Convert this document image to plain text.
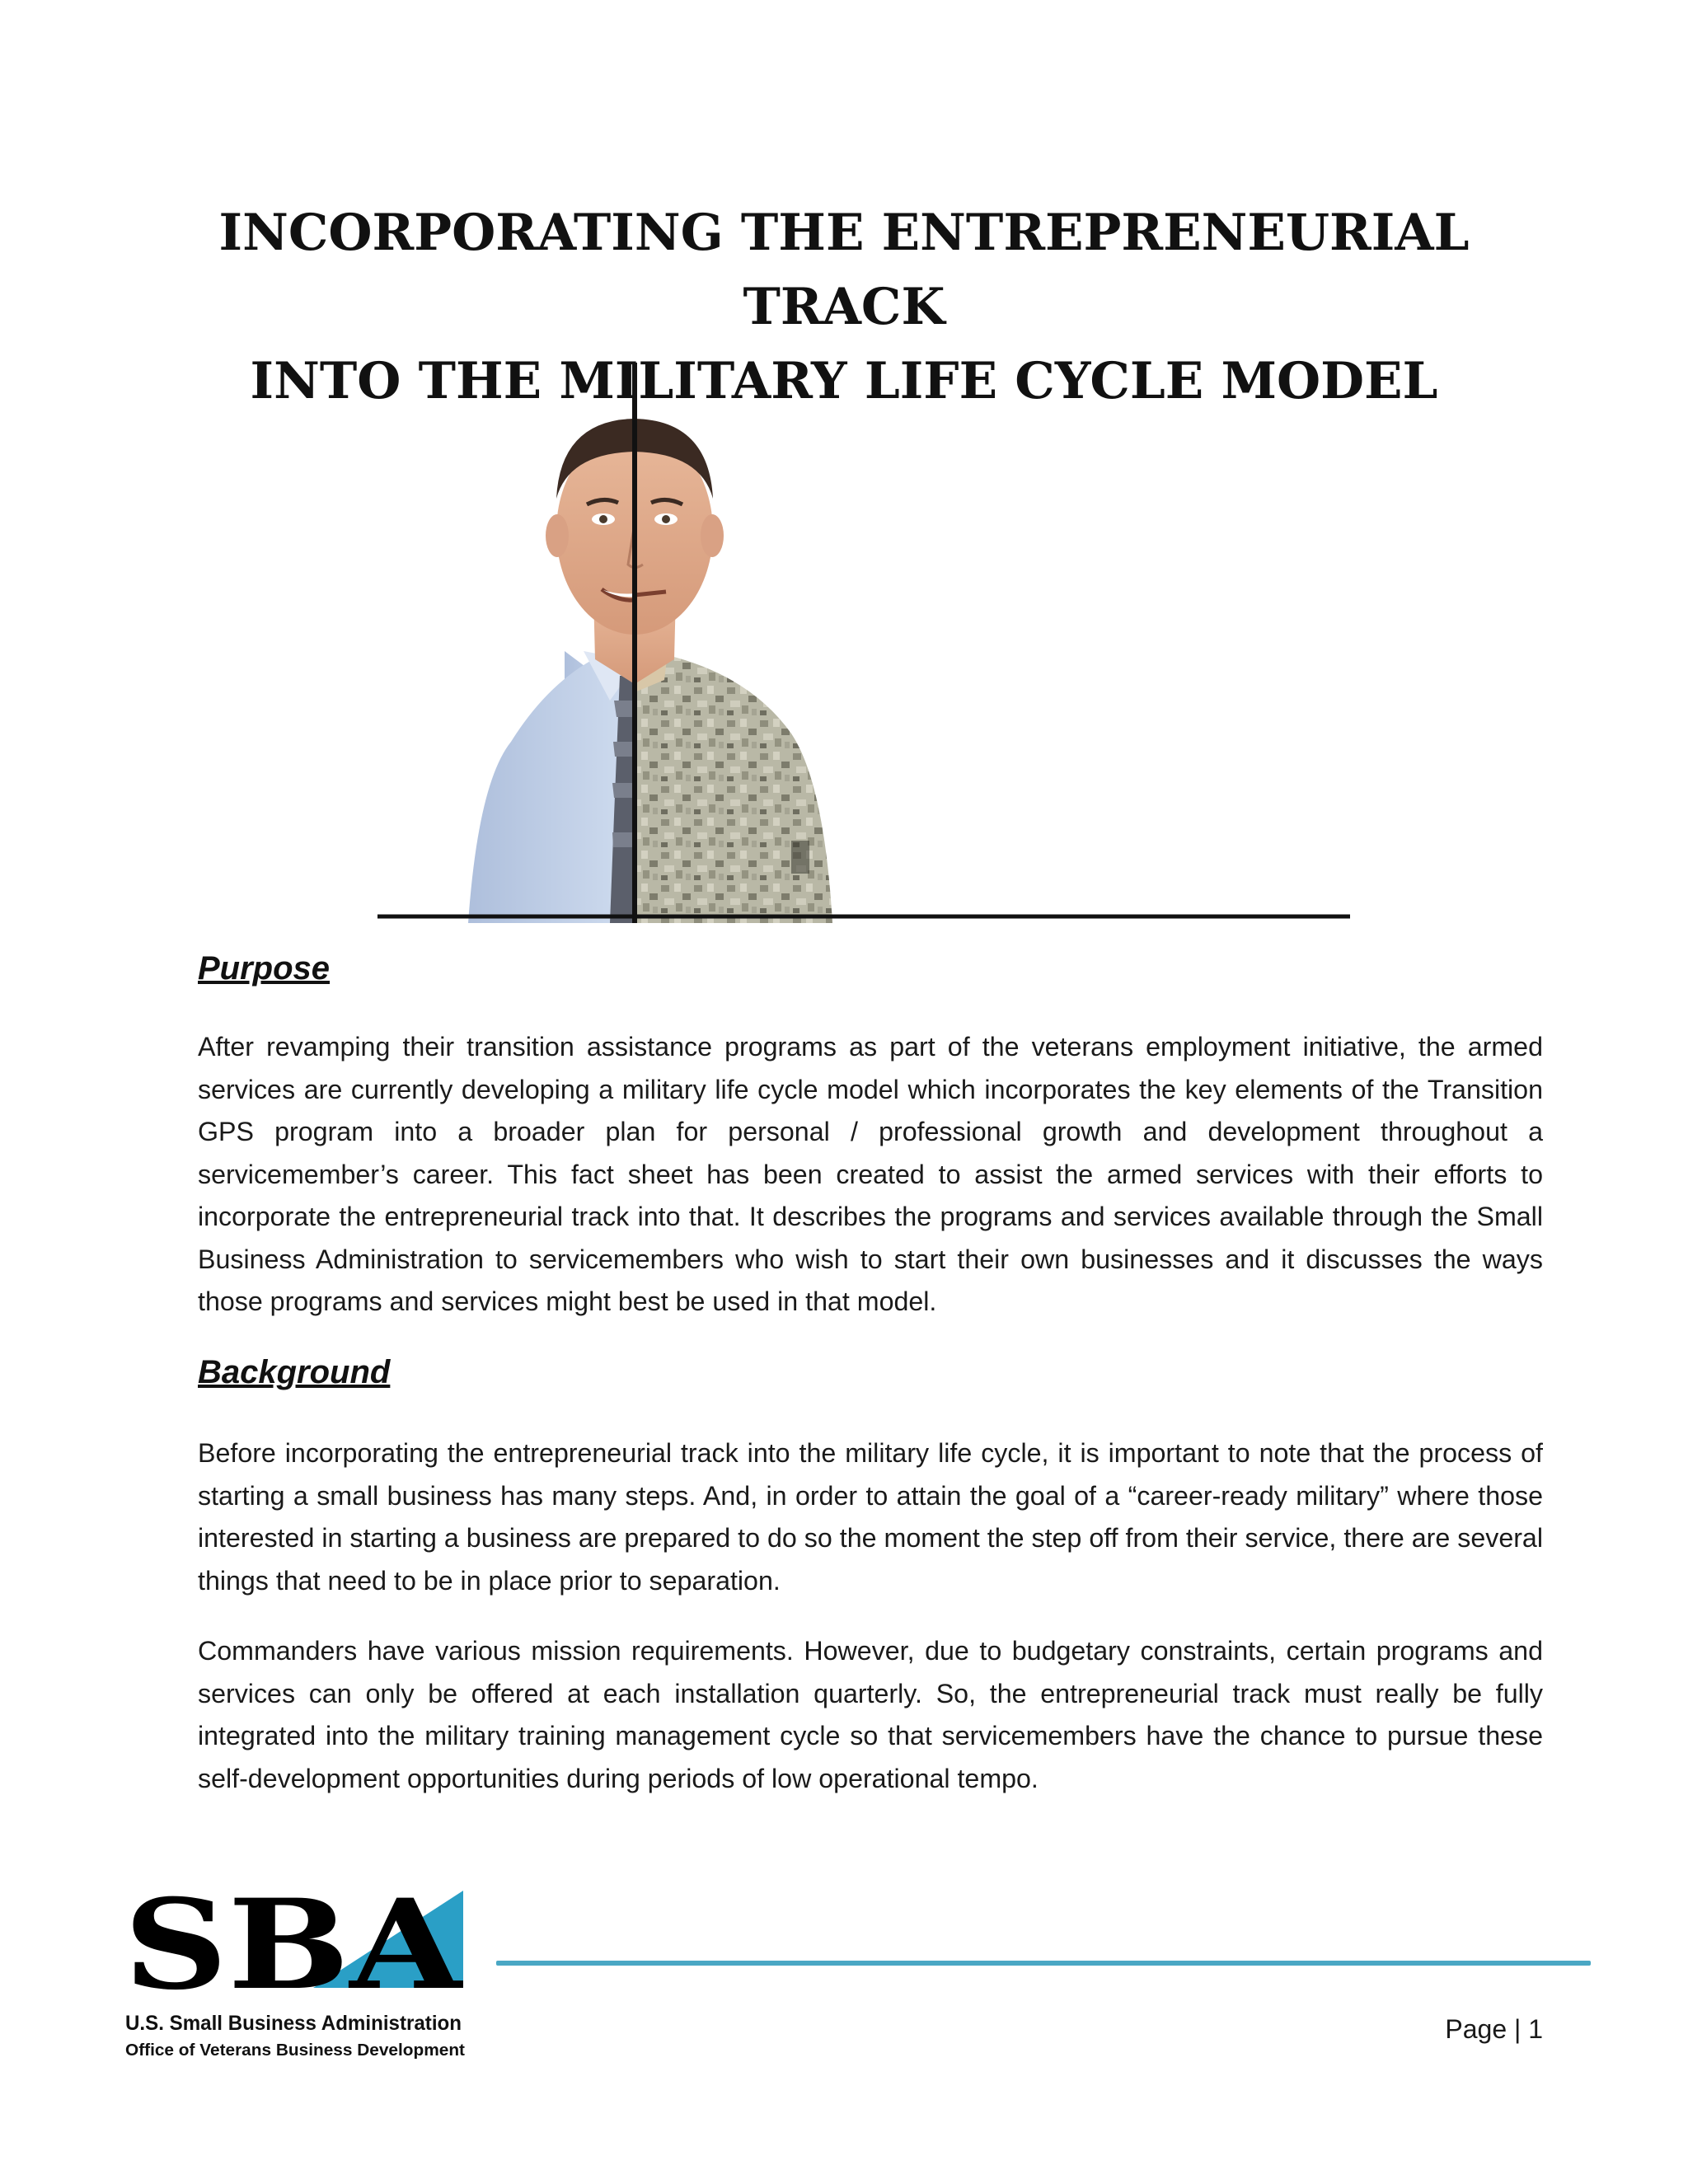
INCORPORATING THE ENTREPRENEURIAL TRACK
INTO THE MILITARY LIFE CYCLE MODEL
Purpose

After revamping their transition assistance programs as part of the veterans employment initiative, the armed services are currently developing a military life cycle model which incorporates the key elements of the Transition GPS program into a broader plan for personal / professional growth and development throughout a servicemember’s career. This fact sheet has been created to assist the armed services with their efforts to incorporate the entrepreneurial track into that. It describes the programs and services available through the Small Business Administration to servicemembers who wish to start their own businesses and it discusses the ways those programs and services might best be used in that model.

Background

Before incorporating the entrepreneurial track into the military life cycle, it is important to note that the process of starting a small business has many steps. And, in order to attain the goal of a “career-ready military” where those interested in starting a business are prepared to do so the moment the step off from their service, there are several things that need to be in place prior to separation.

Commanders have various mission requirements. However, due to budgetary constraints, certain programs and services can only be offered at each installation quarterly. So, the entrepreneurial track must really be fully integrated into the military training management cycle so that servicemembers have the chance to pursue these self-development opportunities during periods of low operational tempo.

SBA
U.S. Small Business Administration
Office of Veterans Business Development
Page | 1
